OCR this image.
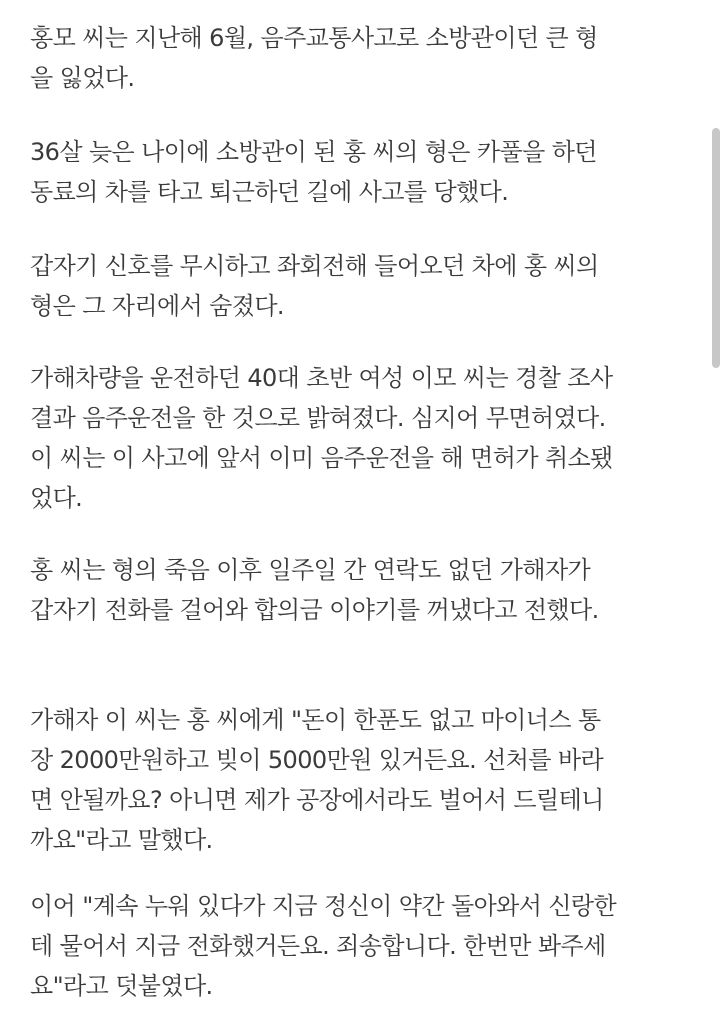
홍모 씨는 지난해 6월, 음주교통사고로 소방관이던 큰 형
을 잃었다.
36살 늦은 나이에 소방관이 된 홍 씨의 형은 카풀을 하던
동료의 차를 타고 퇴근하던 길에 사고를 당했다.
갑자기 신호를 무시하고 좌회전해 들어오던 차에 홍 씨의
형은 그 자리에서 숨졌다.
가해차량을 운전하던 40대 초반 여성 이모 씨는 경찰 조사
결과 음주운전을 한 것으로 밝혀졌다. 심지어 무면허였다.
이 씨는 이 사고에 앞서 이미 음주운전을 해 면허가 취소됐
었다.
홍 씨는 형의 죽음 이후 일주일 간 연락도 없던 가해자가
갑자기 전화를 걸어와 합의금 이야기를 꺼냈다고 전했다.
가해자 이 씨는 홍 씨에게 "돈이 한푼도 없고 마이너스 통
장 2000만원하고 빚이 5000만원 있거든요. 선처를 바라
면 안될까요? 아니면 제가 공장에서라도 벌어서 드릴테니
까요"라고 말했다.
이어 "계속 누워 있다가 지금 정신이 약간 돌아와서 신랑한
테 물어서 지금 전화했거든요. 죄송합니다. 한번만 봐주세
요"라고 덧붙였다.
